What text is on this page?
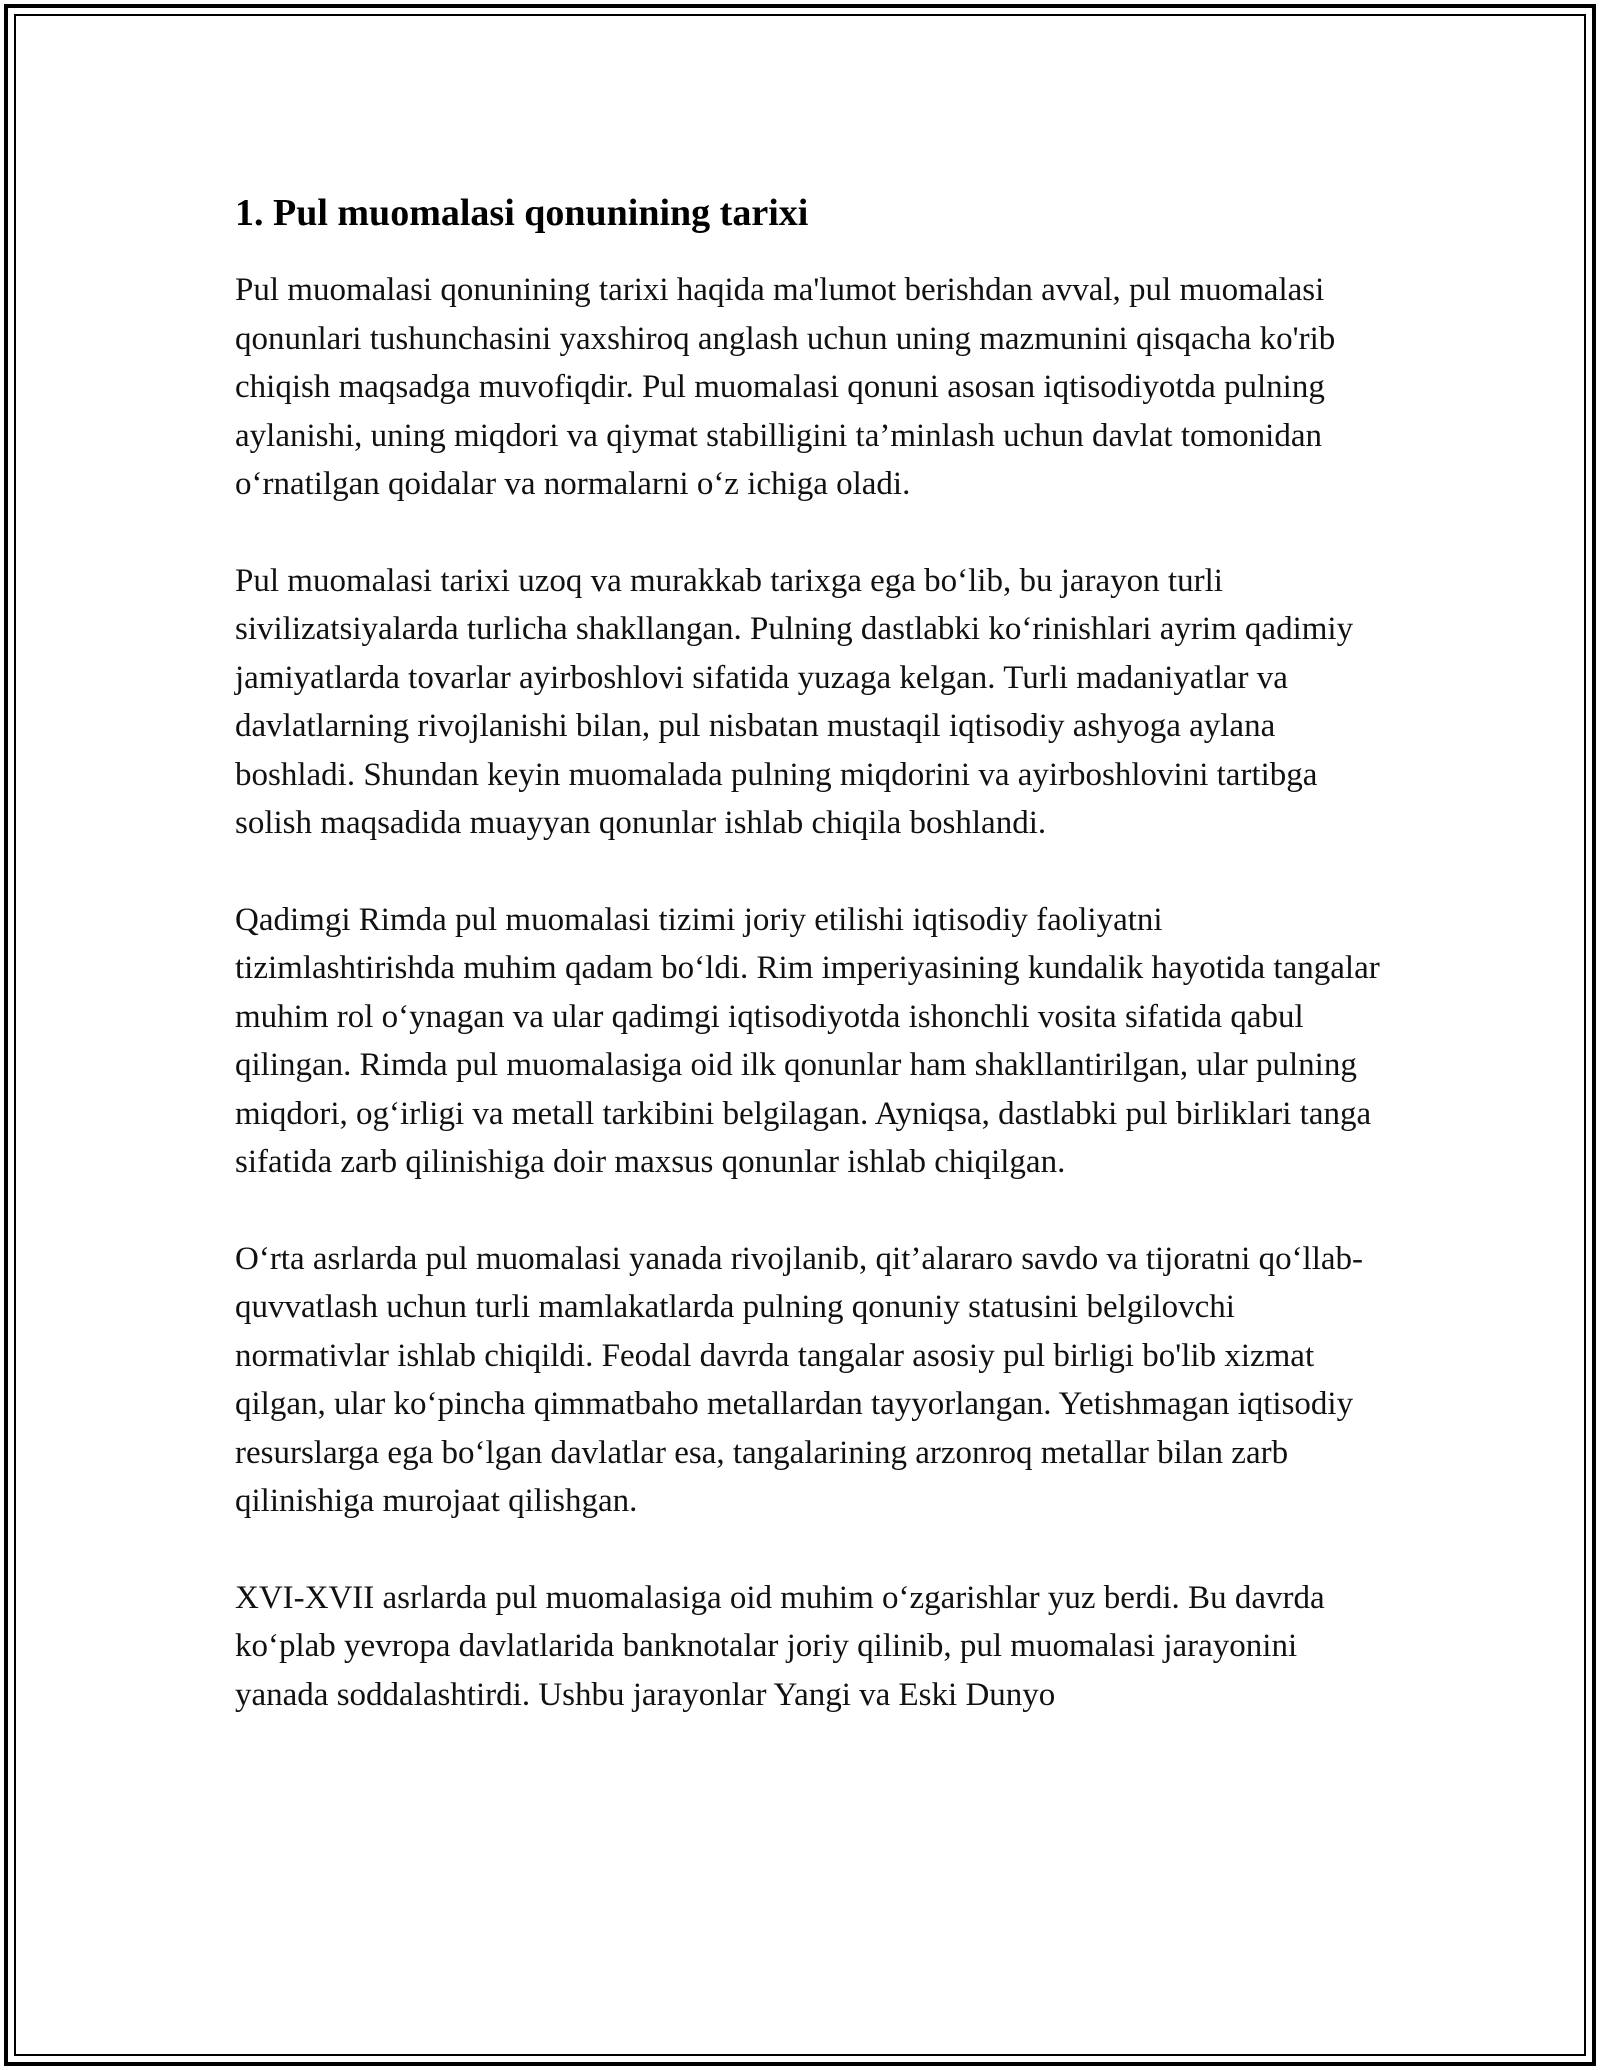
1. Pul muomalasi qonunining tarixi

Pul muomalasi qonunining tarixi haqida ma'lumot berishdan avval, pul muomalasi qonunlari tushunchasini yaxshiroq anglash uchun uning mazmunini qisqacha ko'rib chiqish maqsadga muvofiqdir. Pul muomalasi qonuni asosan iqtisodiyotda pulning aylanishi, uning miqdori va qiymat stabilligini ta’minlash uchun davlat tomonidan oʻrnatilgan qoidalar va normalarni oʻz ichiga oladi.

Pul muomalasi tarixi uzoq va murakkab tarixga ega boʻlib, bu jarayon turli sivilizatsiyalarda turlicha shakllangan. Pulning dastlabki koʻrinishlari ayrim qadimiy jamiyatlarda tovarlar ayirboshlovi sifatida yuzaga kelgan. Turli madaniyatlar va davlatlarning rivojlanishi bilan, pul nisbatan mustaqil iqtisodiy ashyoga aylana boshladi. Shundan keyin muomalada pulning miqdorini va ayirboshlovini tartibga solish maqsadida muayyan qonunlar ishlab chiqila boshlandi.

Qadimgi Rimda pul muomalasi tizimi joriy etilishi iqtisodiy faoliyatni tizimlashtirishda muhim qadam boʻldi. Rim imperiyasining kundalik hayotida tangalar muhim rol oʻynagan va ular qadimgi iqtisodiyotda ishonchli vosita sifatida qabul qilingan. Rimda pul muomalasiga oid ilk qonunlar ham shakllantirilgan, ular pulning miqdori, ogʻirligi va metall tarkibini belgilagan. Ayniqsa, dastlabki pul birliklari tanga sifatida zarb qilinishiga doir maxsus qonunlar ishlab chiqilgan.

Oʻrta asrlarda pul muomalasi yanada rivojlanib, qit’alararo savdo va tijoratni qoʻllab-quvvatlash uchun turli mamlakatlarda pulning qonuniy statusini belgilovchi normativlar ishlab chiqildi. Feodal davrda tangalar asosiy pul birligi bo'lib xizmat qilgan, ular koʻpincha qimmatbaho metallardan tayyorlangan. Yetishmagan iqtisodiy resurslarga ega boʻlgan davlatlar esa, tangalarining arzonroq metallar bilan zarb qilinishiga murojaat qilishgan.

XVI-XVII asrlarda pul muomalasiga oid muhim oʻzgarishlar yuz berdi. Bu davrda koʻplab yevropa davlatlarida banknotalar joriy qilinib, pul muomalasi jarayonini yanada soddalashtirdi. Ushbu jarayonlar Yangi va Eski Dunyo
